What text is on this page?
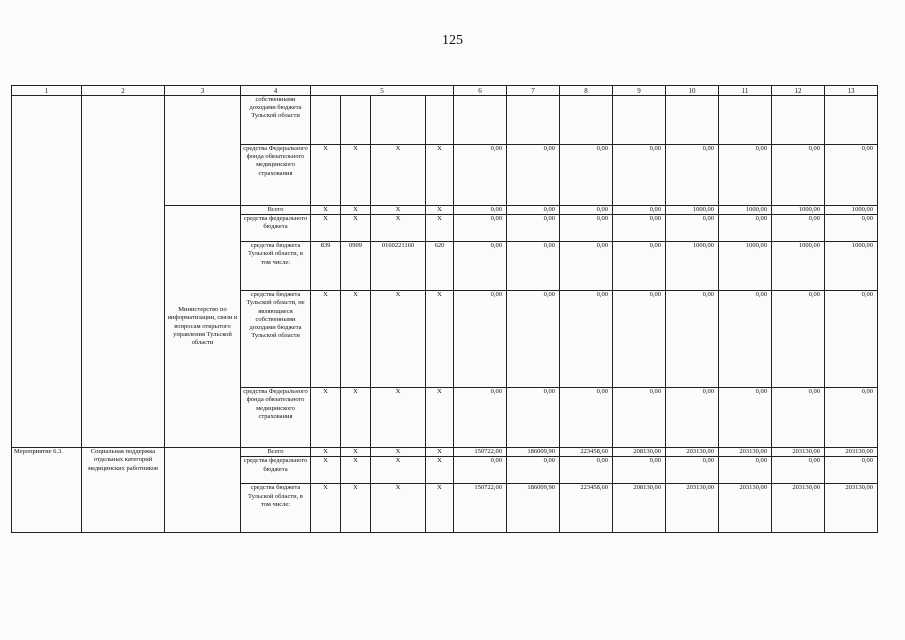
125
1	2	3	4	5				6	7	8	9	10	11	12	13
			собственными доходами бюджета Тульской области												
			средства Федерального фонда обязательного медицинского страхования	X	X	X	X	0,00	0,00	0,00	0,00	0,00	0,00	0,00	0,00
		Министерство по информатизации, связи и вопросам открытого управления Тульской области	Всего	X	X	X	X	0,00	0,00	0,00	0,00	1000,00	1000,00	1000,00	1000,00
			средства федерального бюджета	X	X	X	X	0,00	0,00	0,00	0,00	0,00	0,00	0,00	0,00
			средства бюджета Тульской области, в том числе:	839	0909	0160221160	620	0,00	0,00	0,00	0,00	1000,00	1000,00	1000,00	1000,00
			средства бюджета Тульской области, не являющиеся собственными доходами бюджета Тульской области	X	X	X	X	0,00	0,00	0,00	0,00	0,00	0,00	0,00	0,00
			средства Федерального фонда обязательного медицинского страхования	X	X	X	X	0,00	0,00	0,00	0,00	0,00	0,00	0,00	0,00
Мероприятие 6.3.	Социальная поддержка отдельных категорий медицинских работников		Всего	X	X	X	X	150722,00	186009,90	223458,60	208130,00	203130,00	203130,00	203130,00	203130,00
			средства федерального бюджета	X	X	X	X	0,00	0,00	0,00	0,00	0,00	0,00	0,00	0,00
			средства бюджета Тульской области, в том числе:	X	X	X	X	150722,00	186009,90	223458,60	208130,00	203130,00	203130,00	203130,00	203130,00
